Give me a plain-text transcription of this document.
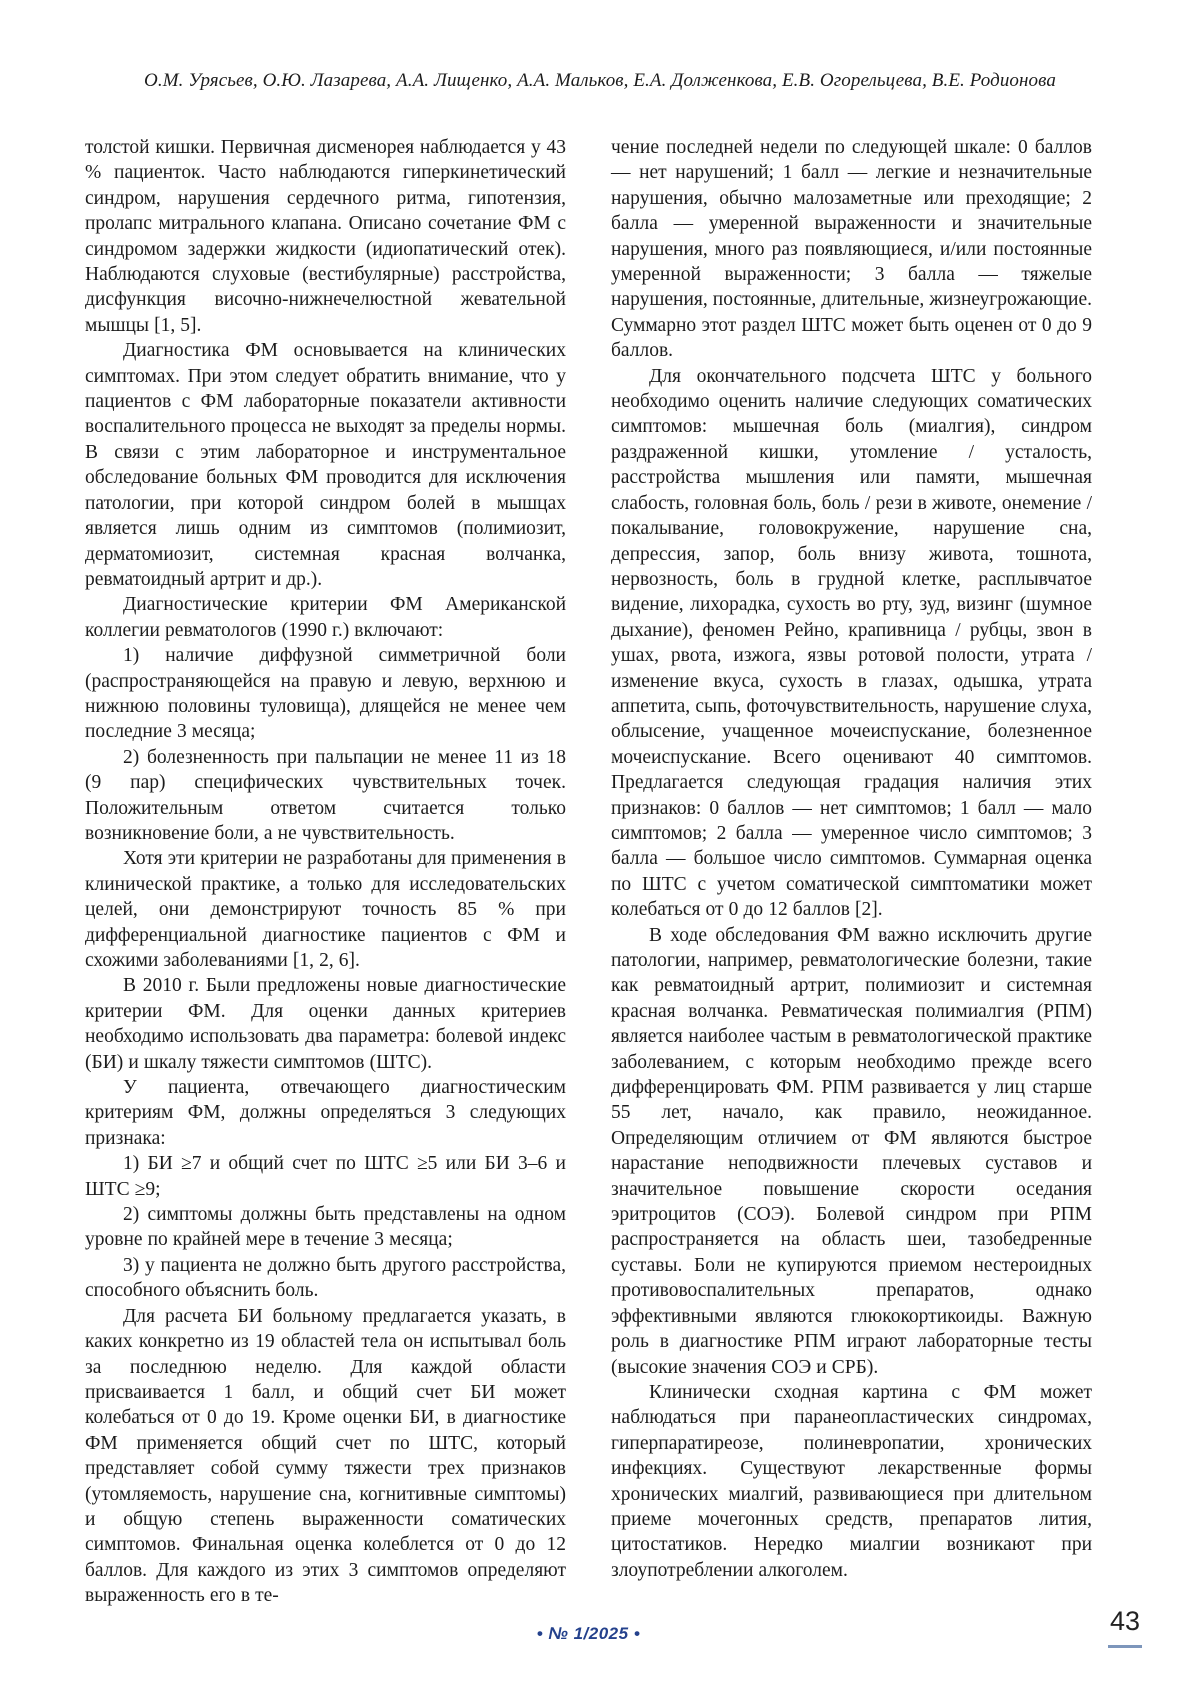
О.М. Урясьев, О.Ю. Лазарева, А.А. Лищенко, А.А. Мальков, Е.А. Долженкова, Е.В. Огорельцева, В.Е. Родионова

толстой кишки. Первичная дисменорея наблюдается у 43 % пациенток. Часто наблюдаются гиперкинетический синдром, нарушения сердечного ритма, гипотензия, пролапс митрального клапана. Описано сочетание ФМ с синдромом задержки жидкости (идиопатический отек). Наблюдаются слуховые (вестибулярные) расстройства, дисфункция височно-нижнечелюстной жевательной мышцы [1, 5].

Диагностика ФМ основывается на клинических симптомах. При этом следует обратить внимание, что у пациентов с ФМ лабораторные показатели активности воспалительного процесса не выходят за пределы нормы. В связи с этим лабораторное и инструментальное обследование больных ФМ проводится для исключения патологии, при которой синдром болей в мышцах является лишь одним из симптомов (полимиозит, дерматомиозит, системная красная волчанка, ревматоидный артрит и др.).

Диагностические критерии ФМ Американской коллегии ревматологов (1990 г.) включают:

1) наличие диффузной симметричной боли (распространяющейся на правую и левую, верхнюю и нижнюю половины туловища), длящейся не менее чем последние 3 месяца;

2) болезненность при пальпации не менее 11 из 18 (9 пар) специфических чувствительных точек. Положительным ответом считается только возникновение боли, а не чувствительность.

Хотя эти критерии не разработаны для применения в клинической практике, а только для исследовательских целей, они демонстрируют точность 85 % при дифференциальной диагностике пациентов с ФМ и схожими заболеваниями [1, 2, 6].

В 2010 г. Были предложены новые диагностические критерии ФМ. Для оценки данных критериев необходимо использовать два параметра: болевой индекс (БИ) и шкалу тяжести симптомов (ШТС).

У пациента, отвечающего диагностическим критериям ФМ, должны определяться 3 следующих признака:

1) БИ ≥7 и общий счет по ШТС ≥5 или БИ 3–6 и ШТС ≥9;

2) симптомы должны быть представлены на одном уровне по крайней мере в течение 3 месяца;

3) у пациента не должно быть другого расстройства, способного объяснить боль.

Для расчета БИ больному предлагается указать, в каких конкретно из 19 областей тела он испытывал боль за последнюю неделю. Для каждой области присваивается 1 балл, и общий счет БИ может колебаться от 0 до 19. Кроме оценки БИ, в диагностике ФМ применяется общий счет по ШТС, который представляет собой сумму тяжести трех признаков (утомляемость, нарушение сна, когнитивные симптомы) и общую степень выраженности соматических симптомов. Финальная оценка колеблется от 0 до 12 баллов. Для каждого из этих 3 симптомов определяют выраженность его в те-

чение последней недели по следующей шкале: 0 баллов — нет нарушений; 1 балл — легкие и незначительные нарушения, обычно малозаметные или преходящие; 2 балла — умеренной выраженности и значительные нарушения, много раз появляющиеся, и/или постоянные умеренной выраженности; 3 балла — тяжелые нарушения, постоянные, длительные, жизнеугрожающие. Суммарно этот раздел ШТС может быть оценен от 0 до 9 баллов.

Для окончательного подсчета ШТС у больного необходимо оценить наличие следующих соматических симптомов: мышечная боль (миалгия), синдром раздраженной кишки, утомление / усталость, расстройства мышления или памяти, мышечная слабость, головная боль, боль / рези в животе, онемение / покалывание, головокружение, нарушение сна, депрессия, запор, боль внизу живота, тошнота, нервозность, боль в грудной клетке, расплывчатое видение, лихорадка, сухость во рту, зуд, визинг (шумное дыхание), феномен Рейно, крапивница / рубцы, звон в ушах, рвота, изжога, язвы ротовой полости, утрата / изменение вкуса, сухость в глазах, одышка, утрата аппетита, сыпь, фоточувствительность, нарушение слуха, облысение, учащенное мочеиспускание, болезненное мочеиспускание. Всего оценивают 40 симптомов. Предлагается следующая градация наличия этих признаков: 0 баллов — нет симптомов; 1 балл — мало симптомов; 2 балла — умеренное число симптомов; 3 балла — большое число симптомов. Суммарная оценка по ШТС с учетом соматической симптоматики может колебаться от 0 до 12 баллов [2].

В ходе обследования ФМ важно исключить другие патологии, например, ревматологические болезни, такие как ревматоидный артрит, полимиозит и системная красная волчанка. Ревматическая полимиалгия (РПМ) является наиболее частым в ревматологической практике заболеванием, с которым необходимо прежде всего дифференцировать ФМ. РПМ развивается у лиц старше 55 лет, начало, как правило, неожиданное. Определяющим отличием от ФМ являются быстрое нарастание неподвижности плечевых суставов и значительное повышение скорости оседания эритроцитов (СОЭ). Болевой синдром при РПМ распространяется на область шеи, тазобедренные суставы. Боли не купируются приемом нестероидных противовоспалительных препаратов, однако эффективными являются глюкокортикоиды. Важную роль в диагностике РПМ играют лабораторные тесты (высокие значения СОЭ и СРБ).

Клинически сходная картина с ФМ может наблюдаться при паранеопластических синдромах, гиперпаратиреозе, полиневропатии, хронических инфекциях. Существуют лекарственные формы хронических миалгий, развивающиеся при длительном приеме мочегонных средств, препаратов лития, цитостатиков. Нередко миалгии возникают при злоупотреблении алкоголем.

• № 1/2025 •	43
